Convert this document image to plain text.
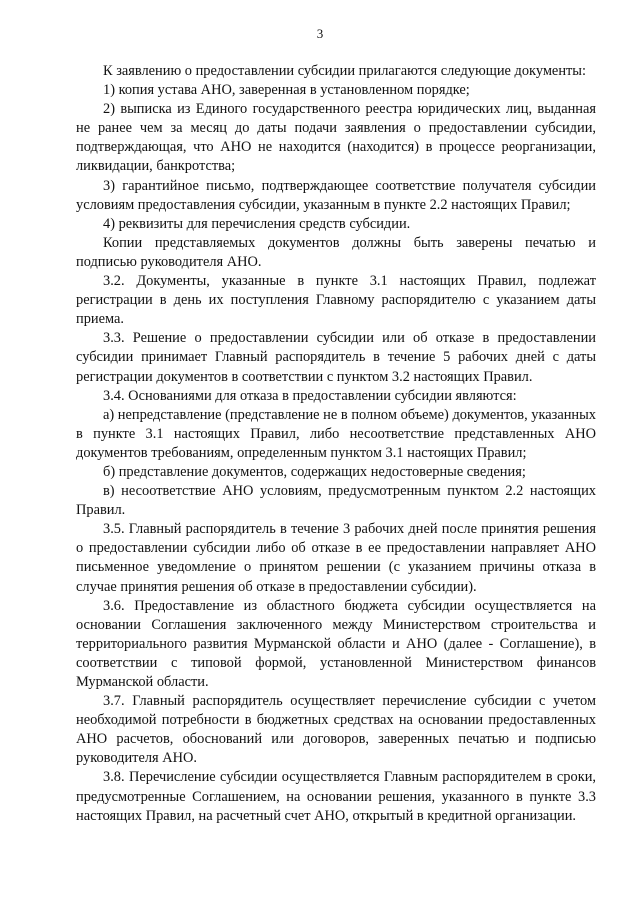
3

К заявлению о предоставлении субсидии прилагаются следующие документы:

1) копия устава АНО, заверенная в установленном порядке;

2) выписка из Единого государственного реестра юридических лиц, выданная не ранее чем за месяц до даты подачи заявления о предоставлении субсидии, подтверждающая, что АНО не находится (находится) в процессе реорганизации, ликвидации, банкротства;

3) гарантийное письмо, подтверждающее соответствие получателя субсидии условиям предоставления субсидии, указанным в пункте 2.2 настоящих Правил;

4) реквизиты для перечисления средств субсидии.

Копии представляемых документов должны быть заверены печатью и подписью руководителя АНО.

3.2. Документы, указанные в пункте 3.1 настоящих Правил, подлежат регистрации в день их поступления Главному распорядителю с указанием даты приема.

3.3. Решение о предоставлении субсидии или об отказе в предоставлении субсидии принимает Главный распорядитель в течение 5 рабочих дней с даты регистрации документов в соответствии с пунктом 3.2 настоящих Правил.

3.4. Основаниями для отказа в предоставлении субсидии являются:

а) непредставление (представление не в полном объеме) документов, указанных в пункте 3.1 настоящих Правил, либо несоответствие представленных АНО документов требованиям, определенным пунктом 3.1 настоящих Правил;

б) представление документов, содержащих недостоверные сведения;

в) несоответствие АНО условиям, предусмотренным пунктом 2.2 настоящих Правил.

3.5. Главный распорядитель в течение 3 рабочих дней после принятия решения о предоставлении субсидии либо об отказе в ее предоставлении направляет АНО письменное уведомление о принятом решении (с указанием причины отказа в случае принятия решения об отказе в предоставлении субсидии).

3.6. Предоставление из областного бюджета субсидии осуществляется на основании Соглашения заключенного между Министерством строительства и территориального развития Мурманской области и АНО (далее - Соглашение), в соответствии с типовой формой, установленной Министерством финансов Мурманской области.

3.7. Главный распорядитель осуществляет перечисление субсидии с учетом необходимой потребности в бюджетных средствах на основании предоставленных АНО расчетов, обоснований или договоров, заверенных печатью и подписью руководителя АНО.

3.8. Перечисление субсидии осуществляется Главным распорядителем в сроки, предусмотренные Соглашением, на основании решения, указанного в пункте 3.3 настоящих Правил, на расчетный счет АНО, открытый в кредитной организации.
